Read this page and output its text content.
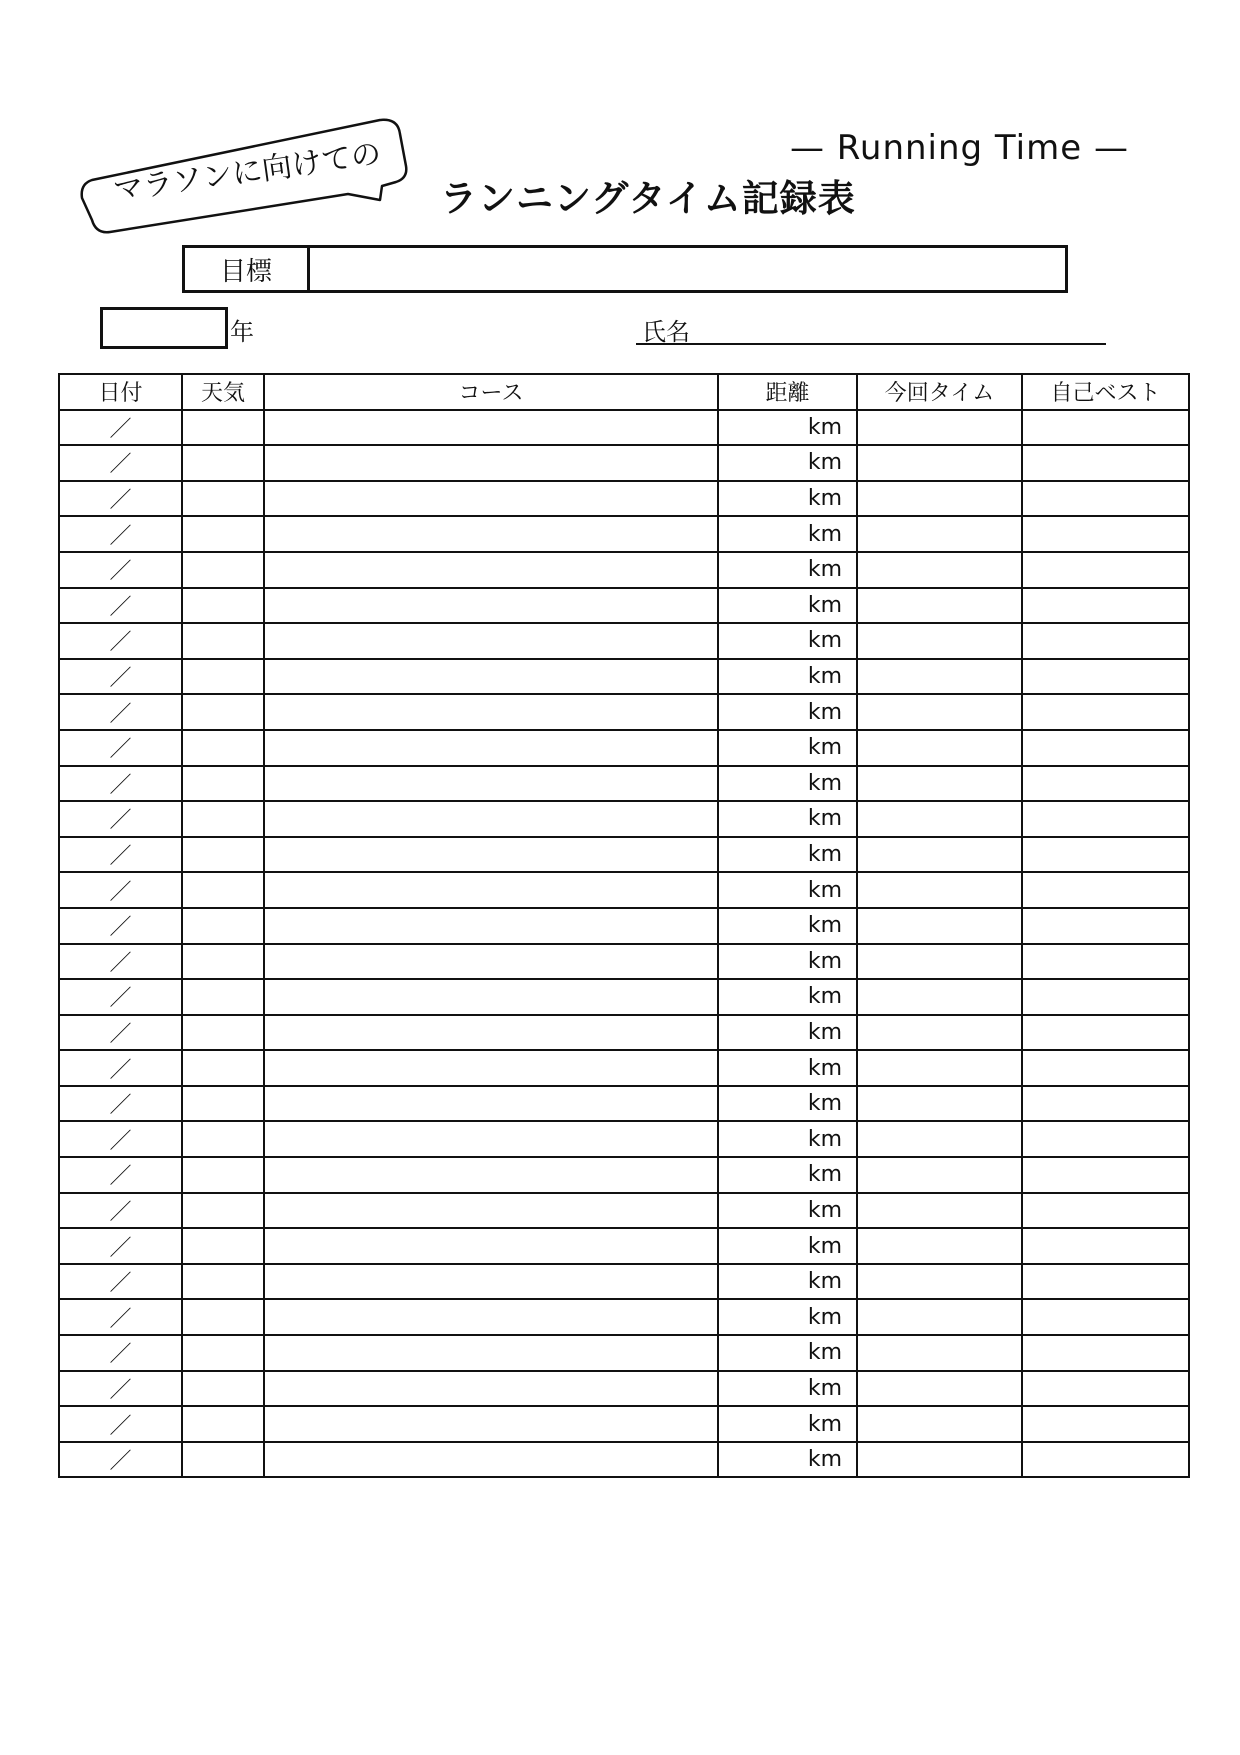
マラソンに向けての	ランニングタイム記録表
— Running Time —
目標
年	氏名
日付	天気	コース	距離	今回タイム	自己ベスト
／			km		
／			km		
／			km		
／			km		
／			km		
／			km		
／			km		
／			km		
／			km		
／			km		
／			km		
／			km		
／			km		
／			km		
／			km		
／			km		
／			km		
／			km		
／			km		
／			km		
／			km		
／			km		
／			km		
／			km		
／			km		
／			km		
／			km		
／			km		
／			km		
／			km		
